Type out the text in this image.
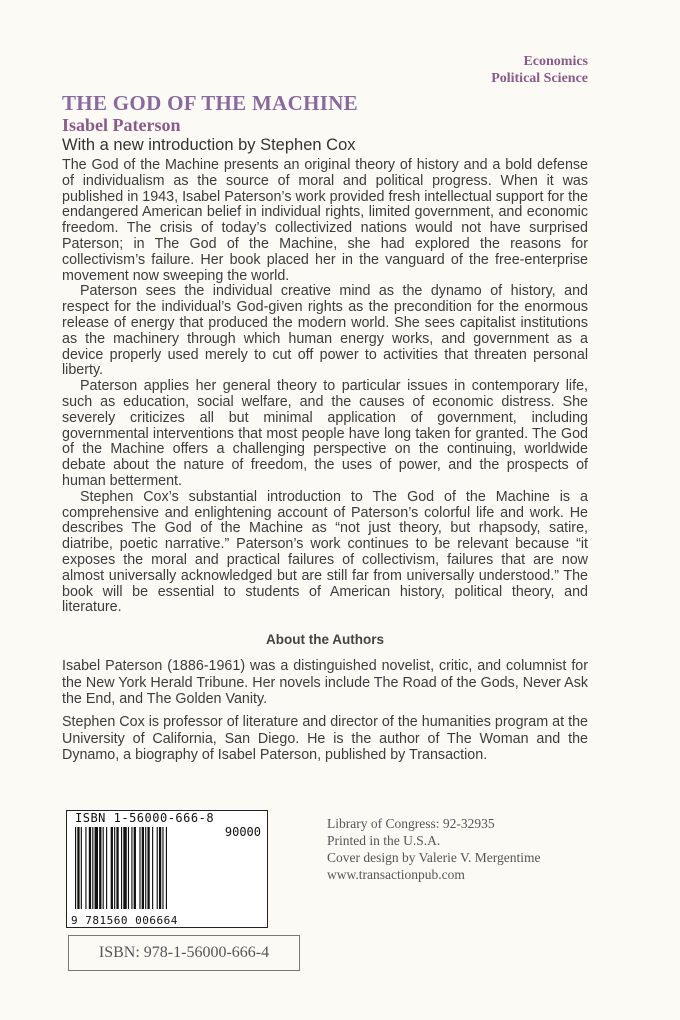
Economics
Political Science
THE GOD OF THE MACHINE
Isabel Paterson
With a new introduction by Stephen Cox

The God of the Machine presents an original theory of history and a bold defense of individualism as the source of moral and political progress. When it was published in 1943, Isabel Paterson’s work provided fresh intellectual support for the endangered American belief in individual rights, limited government, and economic freedom. The crisis of today’s collectivized nations would not have surprised Paterson; in The God of the Machine, she had explored the reasons for collectivism’s failure. Her book placed her in the vanguard of the free-enterprise movement now sweeping the world.

Paterson sees the individual creative mind as the dynamo of history, and respect for the individual’s God-given rights as the precondition for the enormous release of energy that produced the modern world. She sees capitalist institutions as the machinery through which human energy works, and government as a device properly used merely to cut off power to activities that threaten personal liberty.

Paterson applies her general theory to particular issues in contemporary life, such as education, social welfare, and the causes of economic distress. She severely criticizes all but minimal application of government, including governmental interventions that most people have long taken for granted. The God of the Machine offers a challenging perspective on the continuing, worldwide debate about the nature of freedom, the uses of power, and the prospects of human betterment.

Stephen Cox’s substantial introduction to The God of the Machine is a comprehensive and enlightening account of Paterson’s colorful life and work. He describes The God of the Machine as “not just theory, but rhapsody, satire, diatribe, poetic narrative.” Paterson’s work continues to be relevant because “it exposes the moral and practical failures of collectivism, failures that are now almost universally acknowledged but are still far from universally understood.” The book will be essential to students of American history, political theory, and literature.

About the Authors

Isabel Paterson (1886-1961) was a distinguished novelist, critic, and columnist for the New York Herald Tribune. Her novels include The Road of the Gods, Never Ask the End, and The Golden Vanity.

Stephen Cox is professor of literature and director of the humanities program at the University of California, San Diego. He is the author of The Woman and the Dynamo, a biography of Isabel Paterson, published by Transaction.

ISBN 1-56000-666-8
90000
9 781560 006664
ISBN: 978-1-56000-666-4
Library of Congress: 92-32935
Printed in the U.S.A.
Cover design by Valerie V. Mergentime
www.transactionpub.com
